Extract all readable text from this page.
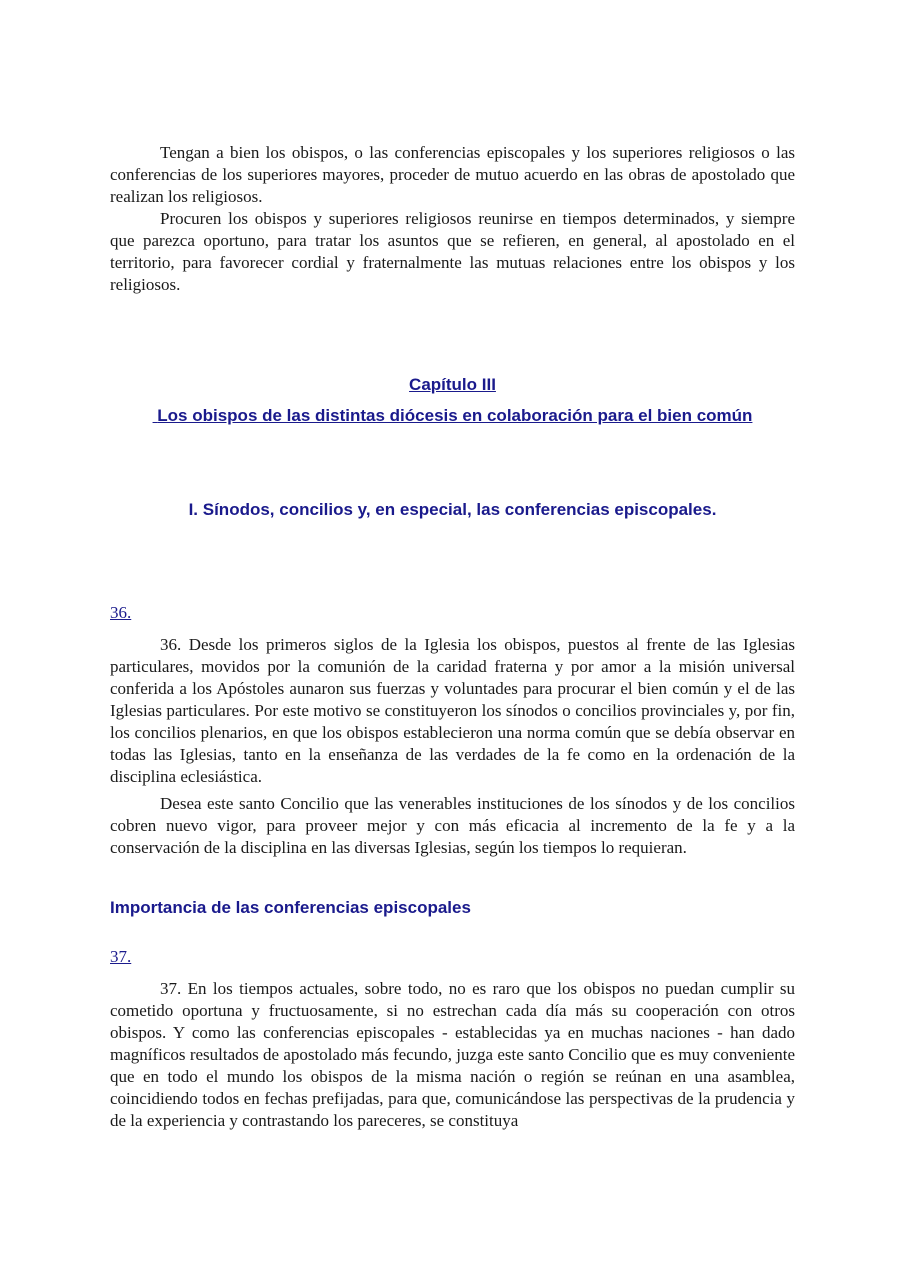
Tengan a bien los obispos, o las conferencias episcopales y los superiores religiosos o las conferencias de los superiores mayores, proceder de mutuo acuerdo en las obras de apostolado que realizan los religiosos.

Procuren los obispos y superiores religiosos reunirse en tiempos determinados, y siempre que parezca oportuno, para tratar los asuntos que se refieren, en general, al apostolado en el territorio, para favorecer cordial y fraternalmente las mutuas relaciones entre los obispos y los religiosos.

Capítulo III
Los obispos de las distintas diócesis en colaboración para el bien común
I. Sínodos, concilios y, en especial, las conferencias episcopales.
36.

36. Desde los primeros siglos de la Iglesia los obispos, puestos al frente de las Iglesias particulares, movidos por la comunión de la caridad fraterna y por amor a la misión universal conferida a los Apóstoles aunaron sus fuerzas y voluntades para procurar el bien común y el de las Iglesias particulares. Por este motivo se constituyeron los sínodos o concilios provinciales y, por fin, los concilios plenarios, en que los obispos establecieron una norma común que se debía observar en todas las Iglesias, tanto en la enseñanza de las verdades de la fe como en la ordenación de la disciplina eclesiástica.

Desea este santo Concilio que las venerables instituciones de los sínodos y de los concilios cobren nuevo vigor, para proveer mejor y con más eficacia al incremento de la fe y a la conservación de la disciplina en las diversas Iglesias, según los tiempos lo requieran.

Importancia de las conferencias episcopales
37.

37. En los tiempos actuales, sobre todo, no es raro que los obispos no puedan cumplir su cometido oportuna y fructuosamente, si no estrechan cada día más su cooperación con otros obispos. Y como las conferencias episcopales - establecidas ya en muchas naciones - han dado magníficos resultados de apostolado más fecundo, juzga este santo Concilio que es muy conveniente que en todo el mundo los obispos de la misma nación o región se reúnan en una asamblea, coincidiendo todos en fechas prefijadas, para que, comunicándose las perspectivas de la prudencia y de la experiencia y contrastando los pareceres, se constituya
